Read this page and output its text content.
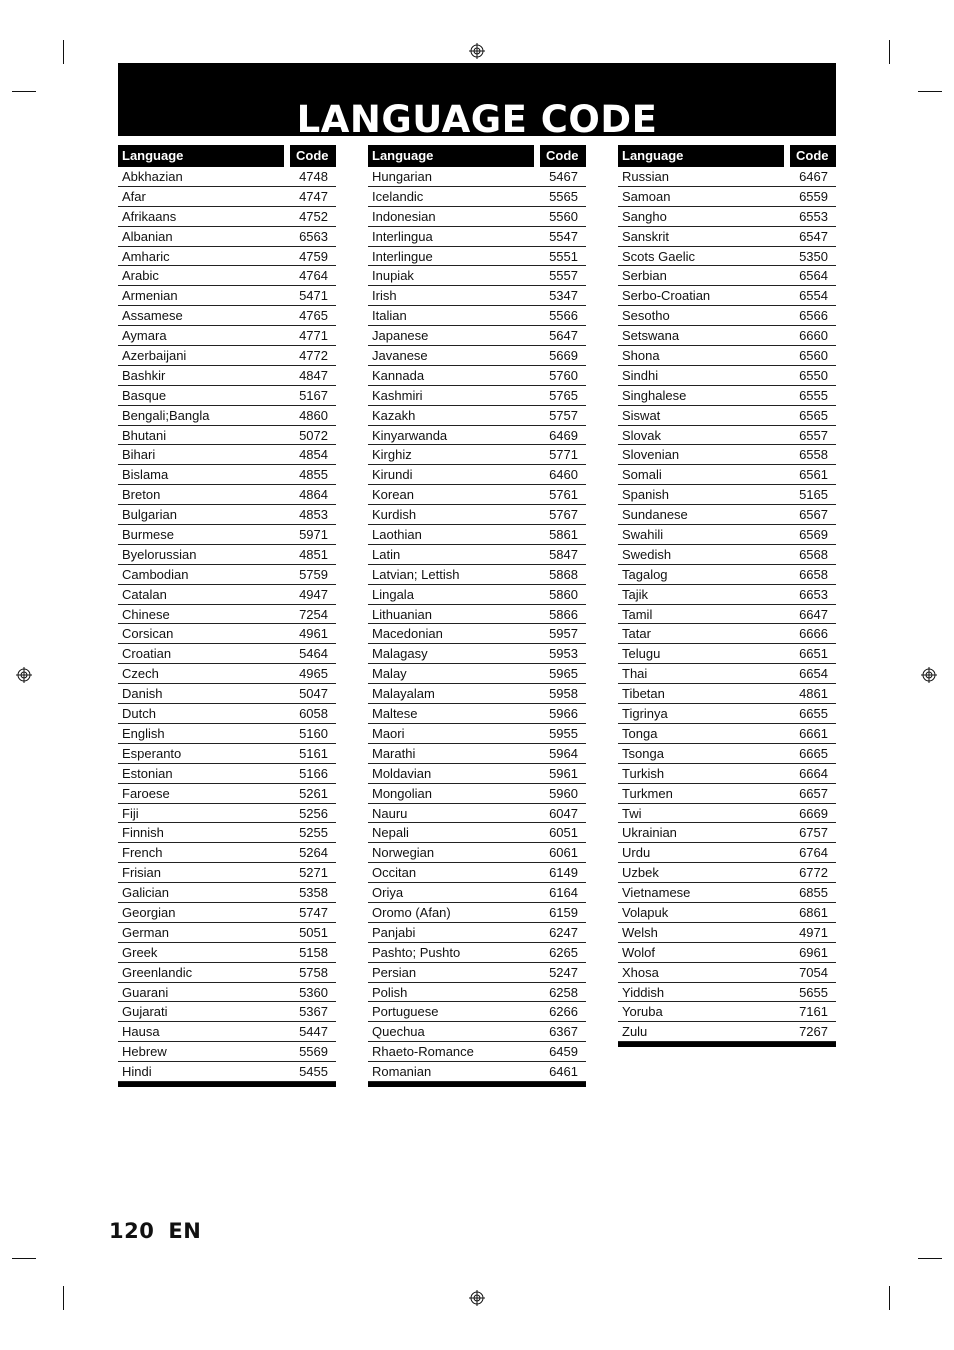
LANGUAGE CODE
Language	Code
Abkhazian	4748
Afar	4747
Afrikaans	4752
Albanian	6563
Amharic	4759
Arabic	4764
Armenian	5471
Assamese	4765
Aymara	4771
Azerbaijani	4772
Bashkir	4847
Basque	5167
Bengali;Bangla	4860
Bhutani	5072
Bihari	4854
Bislama	4855
Breton	4864
Bulgarian	4853
Burmese	5971
Byelorussian	4851
Cambodian	5759
Catalan	4947
Chinese	7254
Corsican	4961
Croatian	5464
Czech	4965
Danish	5047
Dutch	6058
English	5160
Esperanto	5161
Estonian	5166
Faroese	5261
Fiji	5256
Finnish	5255
French	5264
Frisian	5271
Galician	5358
Georgian	5747
German	5051
Greek	5158
Greenlandic	5758
Guarani	5360
Gujarati	5367
Hausa	5447
Hebrew	5569
Hindi	5455
Language	Code
Hungarian	5467
Icelandic	5565
Indonesian	5560
Interlingua	5547
Interlingue	5551
Inupiak	5557
Irish	5347
Italian	5566
Japanese	5647
Javanese	5669
Kannada	5760
Kashmiri	5765
Kazakh	5757
Kinyarwanda	6469
Kirghiz	5771
Kirundi	6460
Korean	5761
Kurdish	5767
Laothian	5861
Latin	5847
Latvian; Lettish	5868
Lingala	5860
Lithuanian	5866
Macedonian	5957
Malagasy	5953
Malay	5965
Malayalam	5958
Maltese	5966
Maori	5955
Marathi	5964
Moldavian	5961
Mongolian	5960
Nauru	6047
Nepali	6051
Norwegian	6061
Occitan	6149
Oriya	6164
Oromo (Afan)	6159
Panjabi	6247
Pashto; Pushto	6265
Persian	5247
Polish	6258
Portuguese	6266
Quechua	6367
Rhaeto-Romance	6459
Romanian	6461
Language	Code
Russian	6467
Samoan	6559
Sangho	6553
Sanskrit	6547
Scots Gaelic	5350
Serbian	6564
Serbo-Croatian	6554
Sesotho	6566
Setswana	6660
Shona	6560
Sindhi	6550
Singhalese	6555
Siswat	6565
Slovak	6557
Slovenian	6558
Somali	6561
Spanish	5165
Sundanese	6567
Swahili	6569
Swedish	6568
Tagalog	6658
Tajik	6653
Tamil	6647
Tatar	6666
Telugu	6651
Thai	6654
Tibetan	4861
Tigrinya	6655
Tonga	6661
Tsonga	6665
Turkish	6664
Turkmen	6657
Twi	6669
Ukrainian	6757
Urdu	6764
Uzbek	6772
Vietnamese	6855
Volapuk	6861
Welsh	4971
Wolof	6961
Xhosa	7054
Yiddish	5655
Yoruba	7161
Zulu	7267
120 EN
